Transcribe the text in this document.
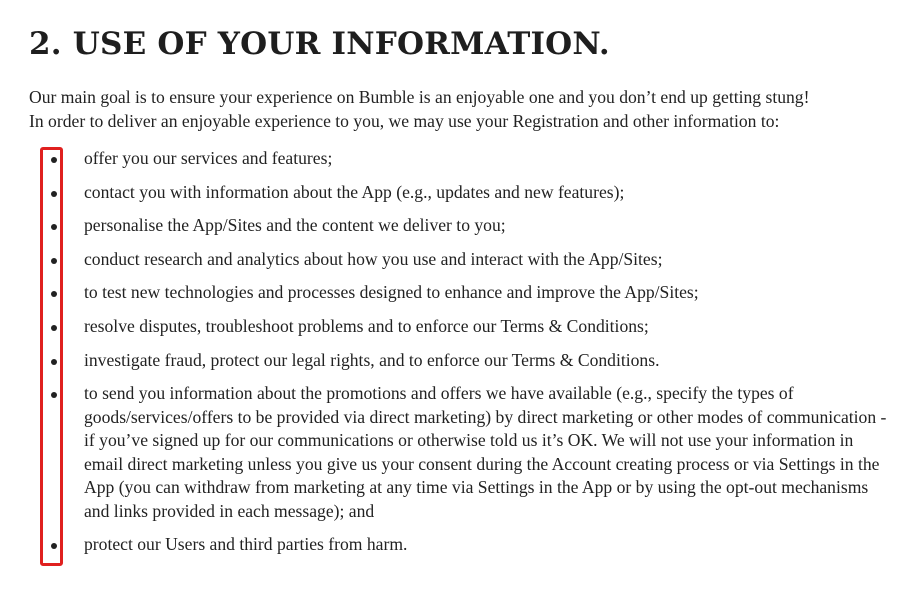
2. USE OF YOUR INFORMATION.

Our main goal is to ensure your experience on Bumble is an enjoyable one and you don’t end up getting stung!
In order to deliver an enjoyable experience to you, we may use your Registration and other information to:

offer you our services and features;
contact you with information about the App (e.g., updates and new features);
personalise the App/Sites and the content we deliver to you;
conduct research and analytics about how you use and interact with the App/Sites;
to test new technologies and processes designed to enhance and improve the App/Sites;
resolve disputes, troubleshoot problems and to enforce our Terms & Conditions;
investigate fraud, protect our legal rights, and to enforce our Terms & Conditions.
to send you information about the promotions and offers we have available (e.g., specify the types of goods/services/offers to be provided via direct marketing) by direct marketing or other modes of communication - if you’ve signed up for our communications or otherwise told us it’s OK. We will not use your information in email direct marketing unless you give us your consent during the Account creating process or via Settings in the App (you can withdraw from marketing at any time via Settings in the App or by using the opt-out mechanisms and links provided in each message); and
protect our Users and third parties from harm.
